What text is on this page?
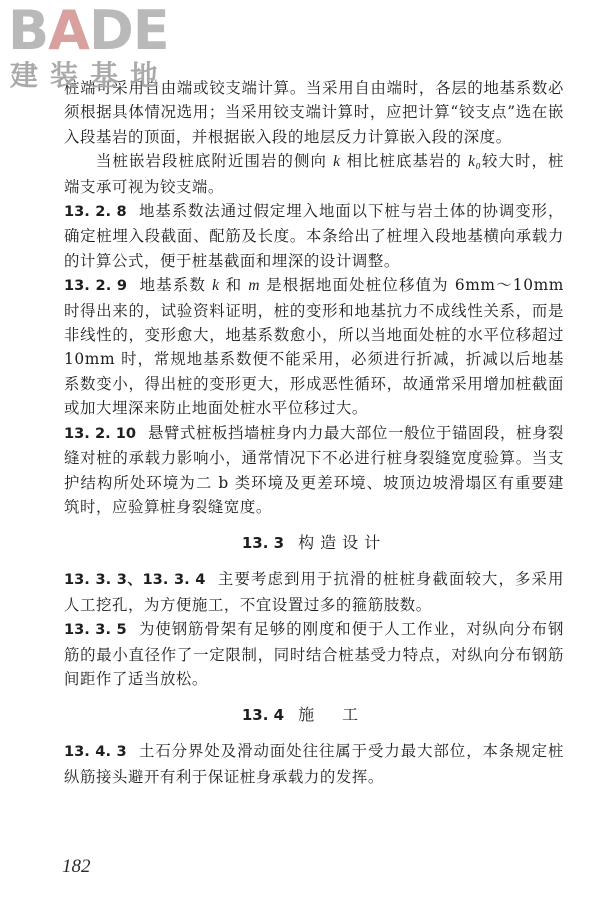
BADE
建装基地

桩端可采用自由端或铰支端计算。当采用自由端时，各层的地基系数必须根据具体情况选用；当采用铰支端计算时，应把计算“铰支点”选在嵌入段基岩的顶面，并根据嵌入段的地层反力计算嵌入段的深度。

当桩嵌岩段桩底附近围岩的侧向 k 相比桩底基岩的 k₀较大时，桩端支承可视为铰支端。

13. 2. 8 地基系数法通过假定埋入地面以下桩与岩土体的协调变形，确定桩埋入段截面、配筋及长度。本条给出了桩埋入段地基横向承载力的计算公式，便于桩基截面和埋深的设计调整。

13. 2. 9 地基系数 k 和 m 是根据地面处桩位移值为 6mm～10mm 时得出来的，试验资料证明，桩的变形和地基抗力不成线性关系，而是非线性的，变形愈大，地基系数愈小，所以当地面处桩的水平位移超过 10mm 时，常规地基系数便不能采用，必须进行折减，折减以后地基系数变小，得出桩的变形更大，形成恶性循环，故通常采用增加桩截面或加大埋深来防止地面处桩水平位移过大。

13. 2. 10 悬臂式桩板挡墙桩身内力最大部位一般位于锚固段，桩身裂缝对桩的承载力影响小，通常情况下不必进行桩身裂缝宽度验算。当支护结构所处环境为二 b 类环境及更差环境、坡顶边坡滑塌区有重要建筑时，应验算桩身裂缝宽度。

13. 3 构造设计

13. 3. 3、13. 3. 4 主要考虑到用于抗滑的桩桩身截面较大，多采用人工挖孔，为方便施工，不宜设置过多的箍筋肢数。

13. 3. 5 为使钢筋骨架有足够的刚度和便于人工作业，对纵向分布钢筋的最小直径作了一定限制，同时结合桩基受力特点，对纵向分布钢筋间距作了适当放松。

13. 4 施工

13. 4. 3 土石分界处及滑动面处往往属于受力最大部位，本条规定桩纵筋接头避开有利于保证桩身承载力的发挥。

182
